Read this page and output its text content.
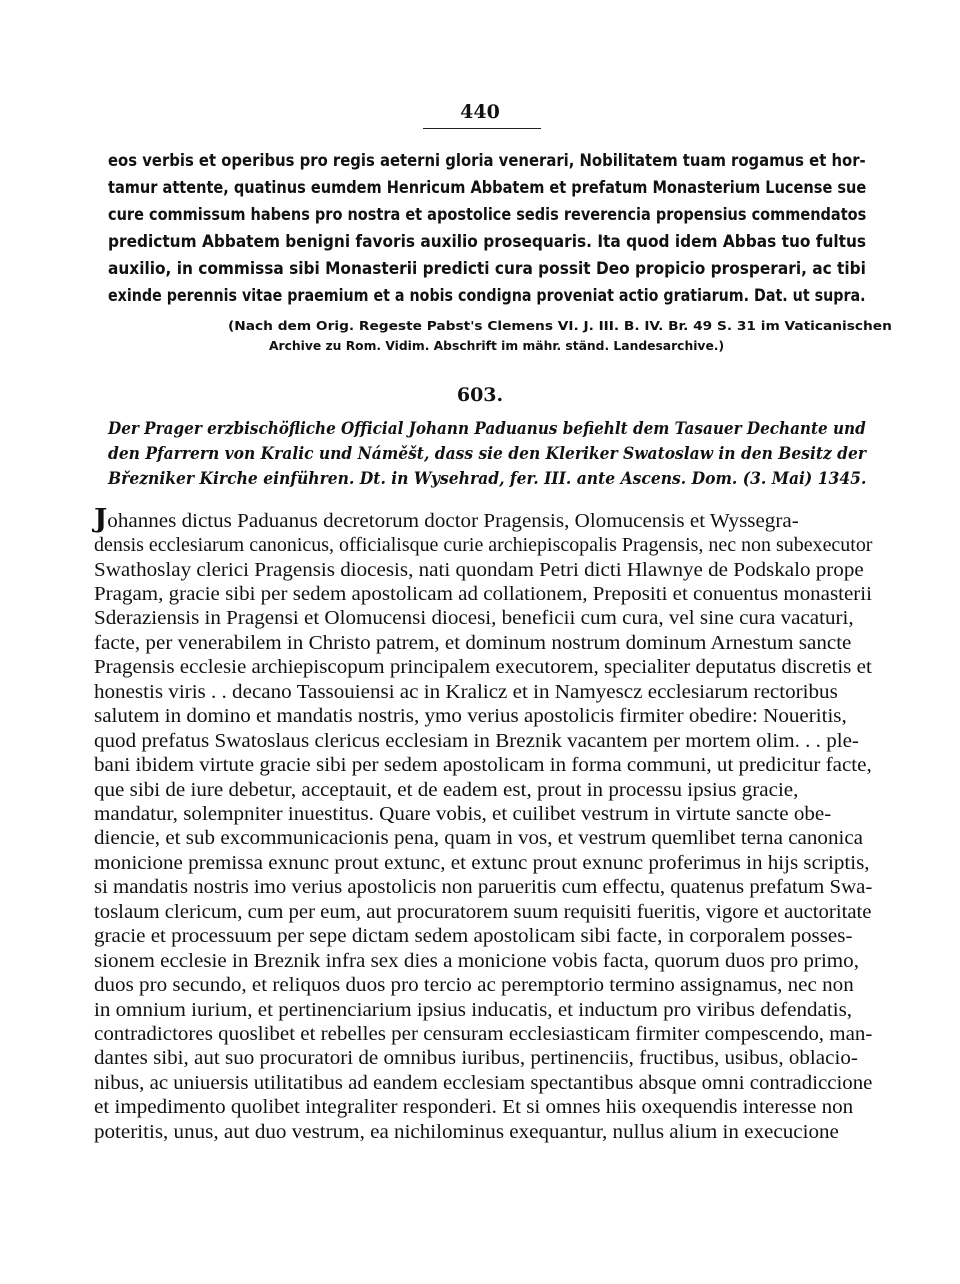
440
eos verbis et operibus pro regis aeterni gloria venerari, Nobilitatem tuam rogamus et hor-
tamur attente, quatinus eumdem Henricum Abbatem et prefatum Monasterium Lucense sue
cure commissum habens pro nostra et apostolice sedis reverencia propensius commendatos
predictum Abbatem benigni favoris auxilio prosequaris. Ita quod idem Abbas tuo fultus
auxilio, in commissa sibi Monasterii predicti cura possit Deo propicio prosperari, ac tibi
exinde perennis vitae praemium et a nobis condigna proveniat actio gratiarum. Dat. ut supra.
(Nach dem Orig. Regeste Pabst's Clemens VI. J. III. B. IV. Br. 49 S. 31 im Vaticanischen
Archive zu Rom. Vidim. Abschrift im mähr. ständ. Landesarchive.)
603.
Der Prager erzbischöfliche Official Johann Paduanus befiehlt dem Tasauer Dechante und
den Pfarrern von Kralic und Náměšt, dass sie den Kleriker Swatoslaw in den Besitz der
Březniker Kirche einführen. Dt. in Wysehrad, fer. III. ante Ascens. Dom. (3. Mai) 1345.
Johannes dictus Paduanus decretorum doctor Pragensis, Olomucensis et Wyssegra-
densis ecclesiarum canonicus, officialisque curie archiepiscopalis Pragensis, nec non subexecutor
Swathoslay clerici Pragensis diocesis, nati quondam Petri dicti Hlawnye de Podskalo prope
Pragam, gracie sibi per sedem apostolicam ad collationem, Prepositi et conuentus monasterii
Sderaziensis in Pragensi et Olomucensi diocesi, beneficii cum cura, vel sine cura vacaturi,
facte, per venerabilem in Christo patrem, et dominum nostrum dominum Arnestum sancte
Pragensis ecclesie archiepiscopum principalem executorem, specialiter deputatus discretis et
honestis viris . . decano Tassouiensi ac in Kralicz et in Namyescz ecclesiarum rectoribus
salutem in domino et mandatis nostris, ymo verius apostolicis firmiter obedire: Noueritis,
quod prefatus Swatoslaus clericus ecclesiam in Breznik vacantem per mortem olim. . . ple-
bani ibidem virtute gracie sibi per sedem apostolicam in forma communi, ut predicitur facte,
que sibi de iure debetur, acceptauit, et de eadem est, prout in processu ipsius gracie,
mandatur, solempniter inuestitus. Quare vobis, et cuilibet vestrum in virtute sancte obe-
diencie, et sub excommunicacionis pena, quam in vos, et vestrum quemlibet terna canonica
monicione premissa exnunc prout extunc, et extunc prout exnunc proferimus in hijs scriptis,
si mandatis nostris imo verius apostolicis non parueritis cum effectu, quatenus prefatum Swa-
toslaum clericum, cum per eum, aut procuratorem suum requisiti fueritis, vigore et auctoritate
gracie et processuum per sepe dictam sedem apostolicam sibi facte, in corporalem posses-
sionem ecclesie in Breznik infra sex dies a monicione vobis facta, quorum duos pro primo,
duos pro secundo, et reliquos duos pro tercio ac peremptorio termino assignamus, nec non
in omnium iurium, et pertinenciarium ipsius inducatis, et inductum pro viribus defendatis,
contradictores quoslibet et rebelles per censuram ecclesiasticam firmiter compescendo, man-
dantes sibi, aut suo procuratori de omnibus iuribus, pertinenciis, fructibus, usibus, oblacio-
nibus, ac uniuersis utilitatibus ad eandem ecclesiam spectantibus absque omni contradiccione
et impedimento quolibet integraliter responderi. Et si omnes hiis oxequendis interesse non
poteritis, unus, aut duo vestrum, ea nichilominus exequantur, nullus alium in execucione
